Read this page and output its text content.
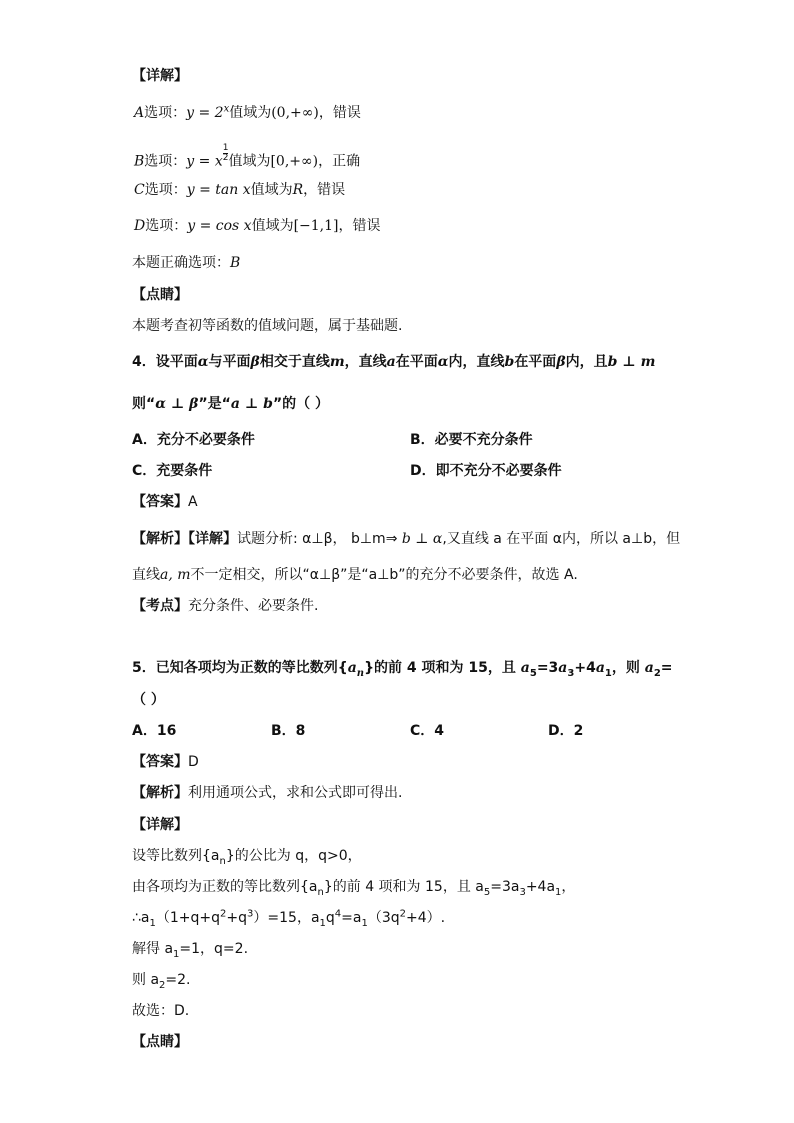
【详解】
A选项：$y = 2^x$值域为(0,+∞)，错误
B选项：y = x $\frac{1}{2}$ 值域为[0,+∞)，正确
C选项：y = tan x值域为R，错误
D选项：y = cos x值域为[−1,1]，错误
本题正确选项：B
【点睛】
本题考查初等函数的值域问题，属于基础题.
4．设平面α与平面β相交于直线m，直线a在平面α内，直线b在平面β内，且b ⊥ m
则“α ⊥ β”是“a ⊥ b”的（ ）
A．充分不必要条件	B．必要不充分条件
C．充要条件	D．即不充分不必要条件
【答案】A
【解析】【详解】试题分析: α⊥β， b⊥m⇒ b ⊥ α,又直线 a 在平面 α内，所以 a⊥b，但
直线a, m不一定相交，所以“α⊥β”是“a⊥b”的充分不必要条件，故选 A.
【考点】充分条件、必要条件.
5．已知各项均为正数的等比数列$\{a_n\}$的前 4 项和为 15，且 $a_5=3a_3+4a_1$，则 $a_2=$
（ ）
A．16	B．8	C．4	D．2
【答案】D
【解析】利用通项公式，求和公式即可得出.
【详解】
设等比数列$\{a_n\}$的公比为 q，q>0，
由各项均为正数的等比数列$\{a_n\}$的前 4 项和为 15，且 $a_5=3a_3+4a_1$，
$\therefore a_1(1+q+q^2+q^3)=15$，$a_1q^4=a_1(3q^2+4)$.
解得 $a_1=1$，q=2.
则 $a_2=2$.
故选：D.
【点睛】
